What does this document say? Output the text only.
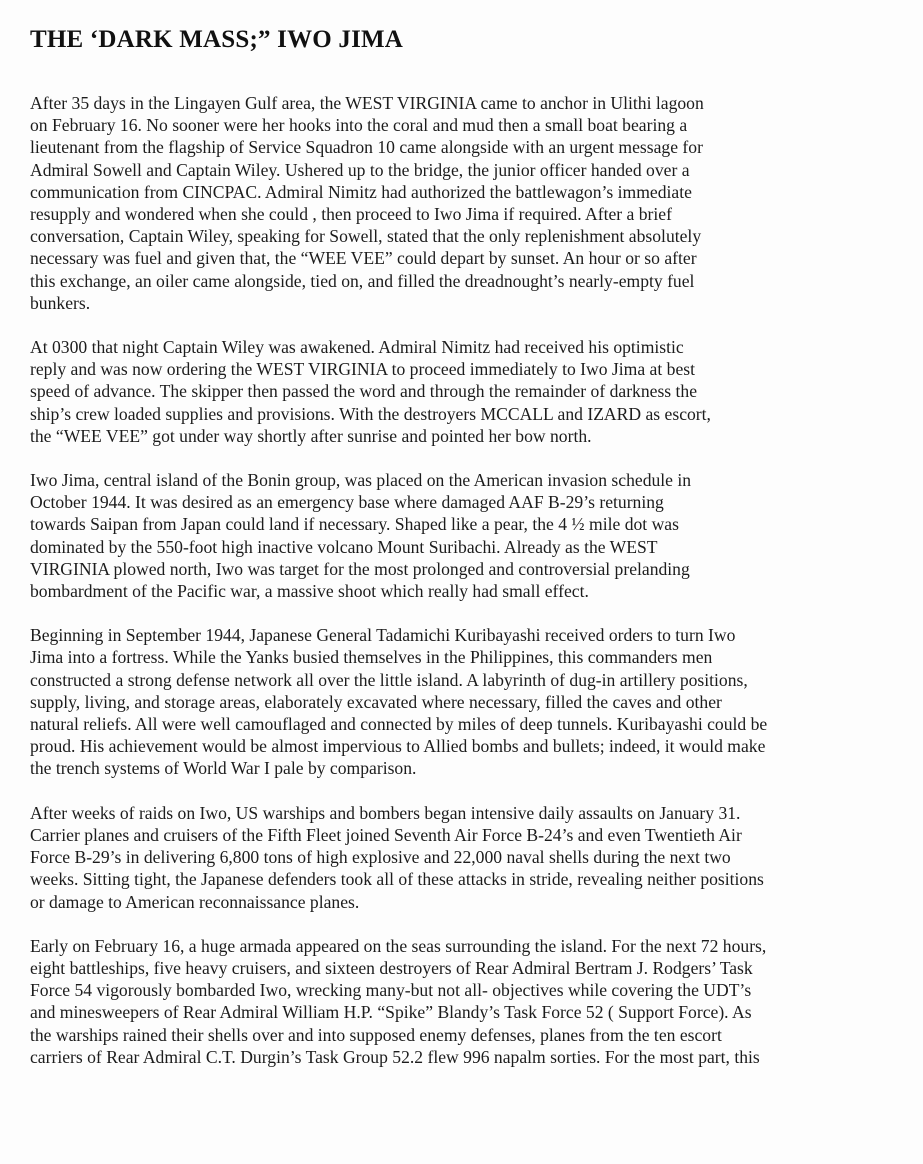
THE ‘DARK MASS;” IWO JIMA

After 35 days in the Lingayen Gulf area, the WEST VIRGINIA came to anchor in Ulithi lagoon
on February 16. No sooner were her hooks into the coral and mud then a small boat bearing a
lieutenant from the flagship of Service Squadron 10 came alongside with an urgent message for
Admiral Sowell and Captain Wiley. Ushered up to the bridge, the junior officer handed over a
communication from CINCPAC. Admiral Nimitz had authorized the battlewagon’s immediate
resupply and wondered when she could , then proceed to Iwo Jima if required. After a brief
conversation, Captain Wiley, speaking for Sowell, stated that the only replenishment absolutely
necessary was fuel and given that, the “WEE VEE” could depart by sunset. An hour or so after
this exchange, an oiler came alongside, tied on, and filled the dreadnought’s nearly-empty fuel
bunkers.

At 0300 that night Captain Wiley was awakened. Admiral Nimitz had received his optimistic
reply and was now ordering the WEST VIRGINIA to proceed immediately to Iwo Jima at best
speed of advance. The skipper then passed the word and through the remainder of darkness the
ship’s crew loaded supplies and provisions. With the destroyers MCCALL and IZARD as escort,
the “WEE VEE” got under way shortly after sunrise and pointed her bow north.

Iwo Jima, central island of the Bonin group, was placed on the American invasion schedule in
October 1944. It was desired as an emergency base where damaged AAF B-29’s returning
towards Saipan from Japan could land if necessary. Shaped like a pear, the 4 ½ mile dot was
dominated by the 550-foot high inactive volcano Mount Suribachi. Already as the WEST
VIRGINIA plowed north, Iwo was target for the most prolonged and controversial prelanding
bombardment of the Pacific war, a massive shoot which really had small effect.

Beginning in September 1944, Japanese General Tadamichi Kuribayashi received orders to turn Iwo
Jima into a fortress. While the Yanks busied themselves in the Philippines, this commanders men
constructed a strong defense network all over the little island. A labyrinth of dug-in artillery positions,
supply, living, and storage areas, elaborately excavated where necessary, filled the caves and other
natural reliefs. All were well camouflaged and connected by miles of deep tunnels. Kuribayashi could be
proud. His achievement would be almost impervious to Allied bombs and bullets; indeed, it would make
the trench systems of World War I pale by comparison.

After weeks of raids on Iwo, US warships and bombers began intensive daily assaults on January 31.
Carrier planes and cruisers of the Fifth Fleet joined Seventh Air Force B-24’s and even Twentieth Air
Force B-29’s in delivering 6,800 tons of high explosive and 22,000 naval shells during the next two
weeks. Sitting tight, the Japanese defenders took all of these attacks in stride, revealing neither positions
or damage to American reconnaissance planes.

Early on February 16, a huge armada appeared on the seas surrounding the island. For the next 72 hours,
eight battleships, five heavy cruisers, and sixteen destroyers of Rear Admiral Bertram J. Rodgers’ Task
Force 54 vigorously bombarded Iwo, wrecking many-but not all- objectives while covering the UDT’s
and minesweepers of Rear Admiral William H.P. “Spike” Blandy’s Task Force 52 ( Support Force). As
the warships rained their shells over and into supposed enemy defenses, planes from the ten escort
carriers of Rear Admiral C.T. Durgin’s Task Group 52.2 flew 996 napalm sorties. For the most part, this
